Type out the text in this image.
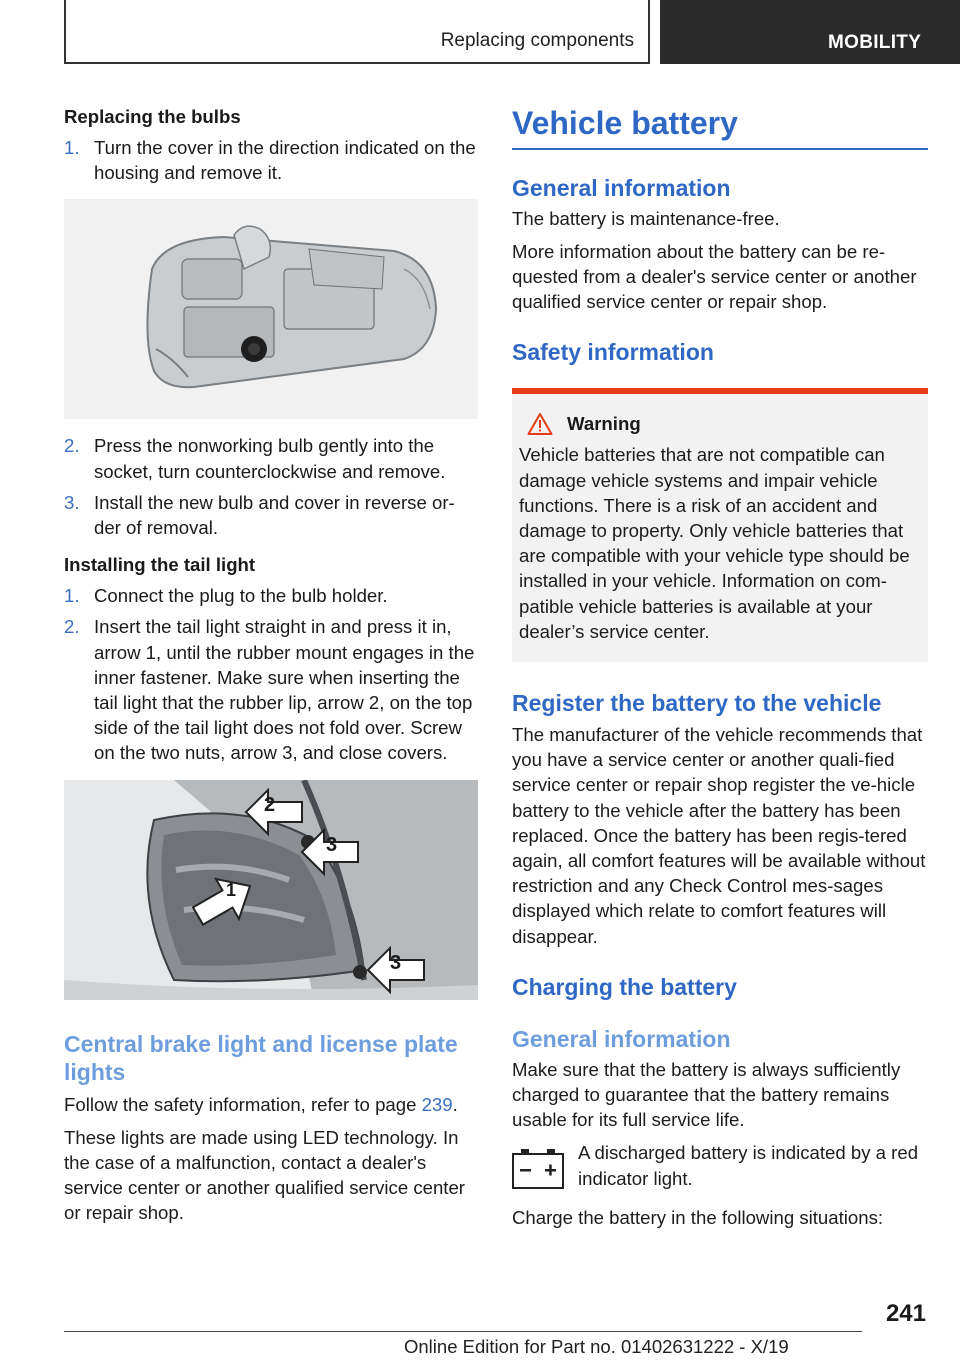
Replacing components	MOBILITY
Replacing the bulbs
1. Turn the cover in the direction indicated on the housing and remove it.
2. Press the nonworking bulb gently into the socket, turn counterclockwise and remove.
3. Install the new bulb and cover in reverse or‐der of removal.
Installing the tail light
1. Connect the plug to the bulb holder.
2. Insert the tail light straight in and press it in, arrow 1, until the rubber mount engages in the inner fastener. Make sure when inserting the tail light that the rubber lip, arrow 2, on the top side of the tail light does not fold over. Screw on the two nuts, arrow 3, and close covers.
2
3
1
3
Central brake light and license plate lights

Follow the safety information, refer to page 239.

These lights are made using LED technology. In the case of a malfunction, contact a dealer's service center or another qualified service center or repair shop.

Vehicle battery
General information

The battery is maintenance-free.

More information about the battery can be re‐quested from a dealer's service center or another qualified service center or repair shop.

Safety information
Warning

Vehicle batteries that are not compatible can damage vehicle systems and impair vehicle functions. There is a risk of an accident and damage to property. Only vehicle batteries that are compatible with your vehicle type should be installed in your vehicle. Information on com‐patible vehicle batteries is available at your dealer’s service center.

Register the battery to the vehicle

The manufacturer of the vehicle recommends that you have a service center or another quali‐fied service center or repair shop register the ve‐hicle battery to the vehicle after the battery has been replaced. Once the battery has been regis‐tered again, all comfort features will be available without restriction and any Check Control mes‐sages displayed which relate to comfort features will disappear.

Charging the battery
General information

Make sure that the battery is always sufficiently charged to guarantee that the battery remains usable for its full service life.

A discharged battery is indicated by a red indicator light.

Charge the battery in the following situations:

241
Online Edition for Part no. 01402631222 - X/19
